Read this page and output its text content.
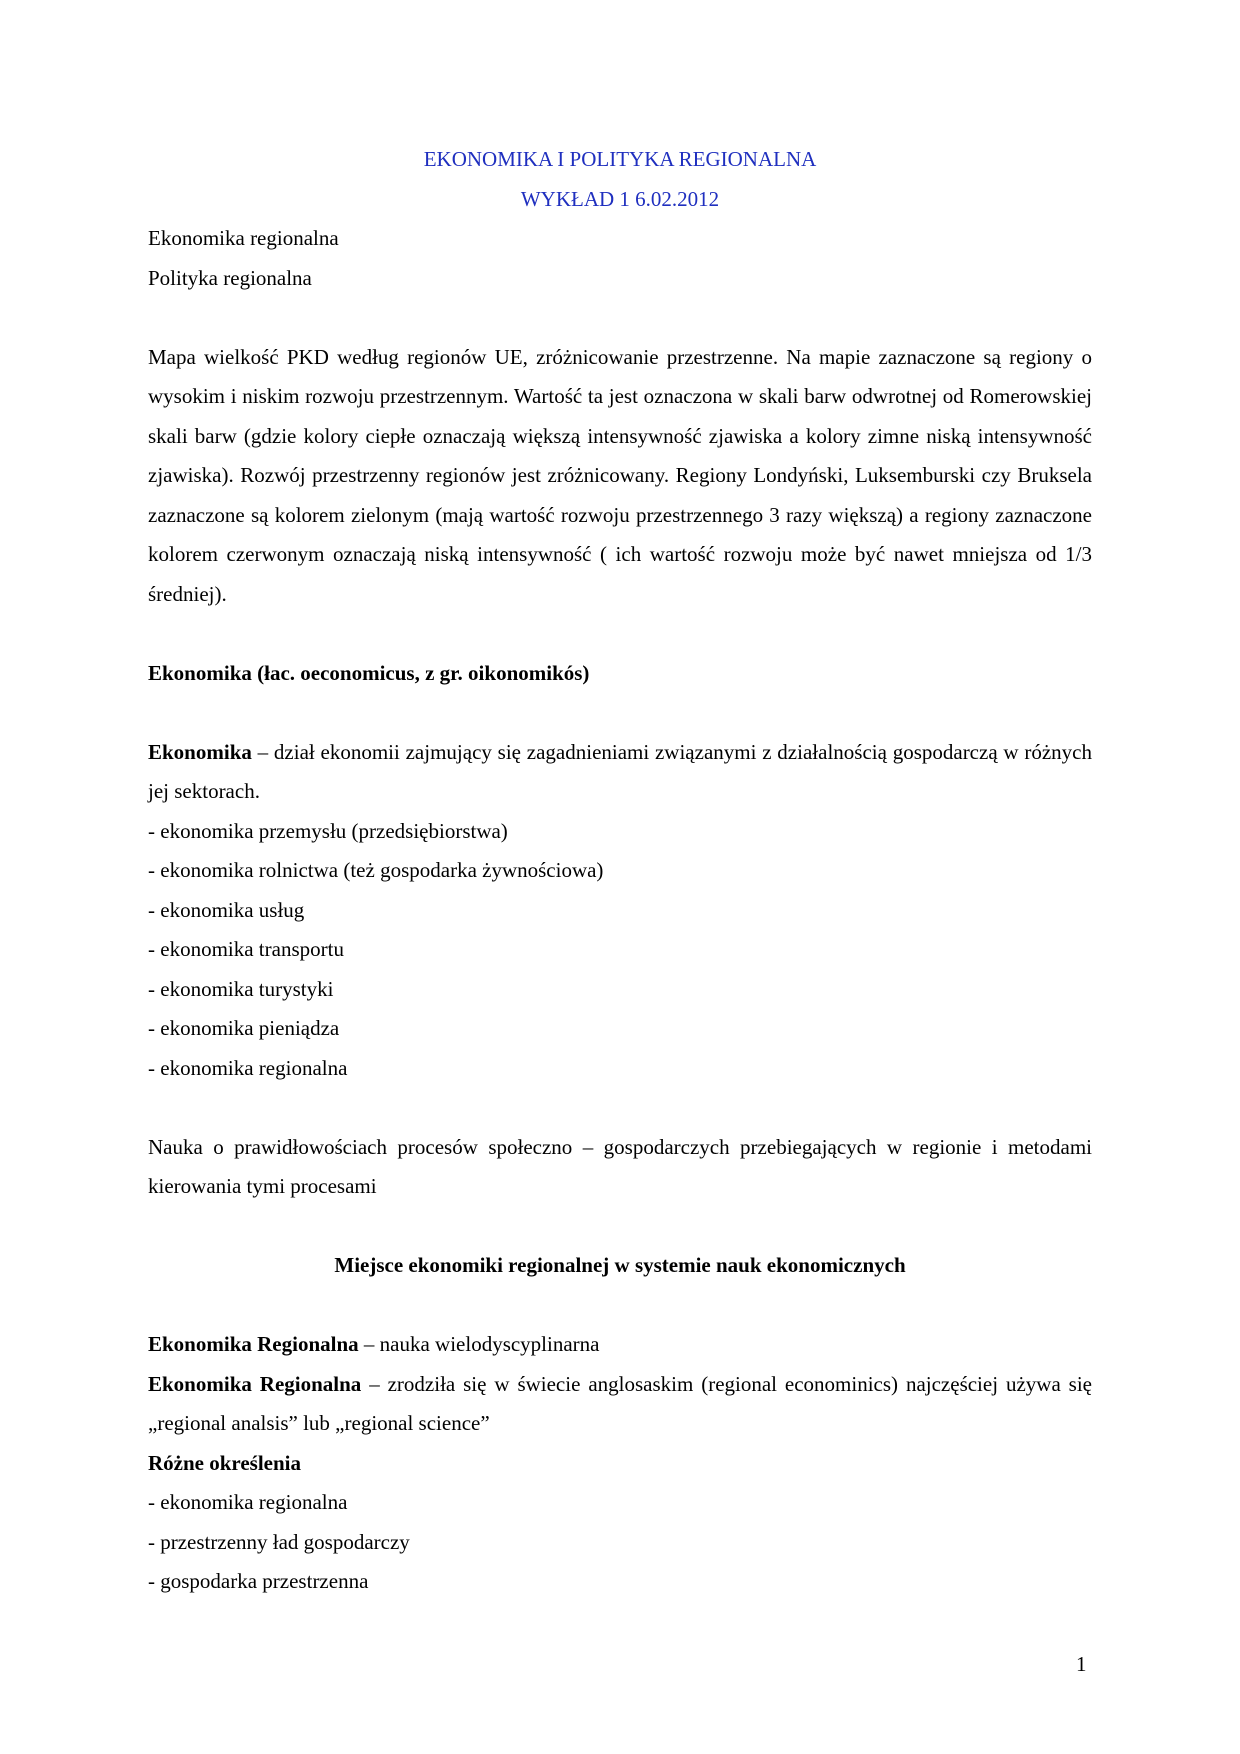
EKONOMIKA I POLITYKA REGIONALNA

WYKŁAD 1 6.02.2012

Ekonomika regionalna

Polityka regionalna

Mapa wielkość PKD według regionów UE, zróżnicowanie przestrzenne. Na mapie zaznaczone są regiony o wysokim i niskim rozwoju przestrzennym. Wartość ta jest oznaczona w skali barw odwrotnej od Romerowskiej skali barw (gdzie kolory ciepłe oznaczają większą intensywność zjawiska a kolory zimne niską intensywność zjawiska). Rozwój przestrzenny regionów jest zróżnicowany. Regiony Londyński, Luksemburski czy Bruksela zaznaczone są kolorem zielonym (mają wartość rozwoju przestrzennego 3 razy większą) a regiony zaznaczone kolorem czerwonym oznaczają niską intensywność ( ich wartość rozwoju może być nawet mniejsza od 1/3 średniej).

Ekonomika (łac. oeconomicus, z gr. oikonomikós)

Ekonomika – dział ekonomii zajmujący się zagadnieniami związanymi z działalnością gospodarczą w różnych jej sektorach.

- ekonomika przemysłu (przedsiębiorstwa)

- ekonomika rolnictwa (też gospodarka żywnościowa)

- ekonomika usług

- ekonomika transportu

- ekonomika turystyki

- ekonomika pieniądza

- ekonomika regionalna

Nauka o prawidłowościach procesów społeczno – gospodarczych przebiegających w regionie i metodami kierowania tymi procesami

Miejsce ekonomiki regionalnej w systemie nauk ekonomicznych

Ekonomika Regionalna – nauka wielodyscyplinarna

Ekonomika Regionalna – zrodziła się w świecie anglosaskim (regional econominics) najczęściej używa się „regional analsis” lub „regional science”

Różne określenia

- ekonomika regionalna

- przestrzenny ład gospodarczy

- gospodarka przestrzenna

1
